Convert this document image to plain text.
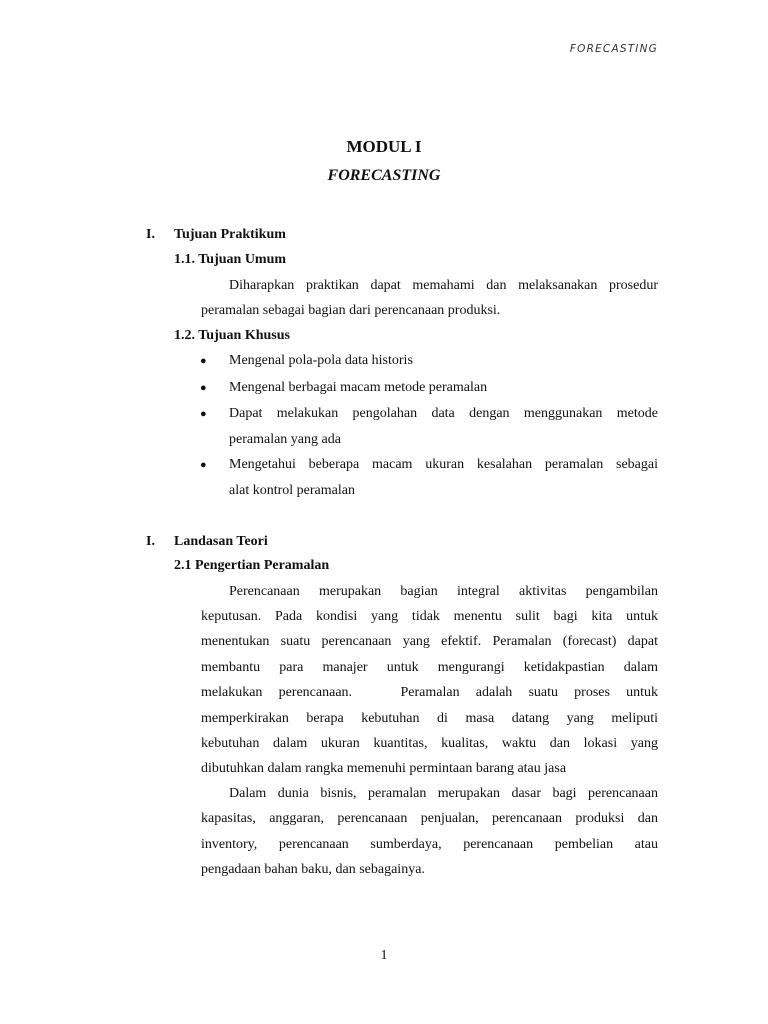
FORECASTING
MODUL I
FORECASTING
I. Tujuan Praktikum
1.1. Tujuan Umum
Diharapkan praktikan dapat memahami dan melaksanakan prosedur
peramalan sebagai bagian dari perencanaan produksi.
1.2. Tujuan Khusus
● Mengenal pola-pola data historis
● Mengenal berbagai macam metode peramalan
● Dapat melakukan pengolahan data dengan menggunakan metode
peramalan yang ada
● Mengetahui beberapa macam ukuran kesalahan peramalan sebagai
alat kontrol peramalan
I. Landasan Teori
2.1 Pengertian Peramalan
Perencanaan merupakan bagian integral aktivitas pengambilan
keputusan. Pada kondisi yang tidak menentu sulit bagi kita untuk
menentukan suatu perencanaan yang efektif. Peramalan (forecast) dapat
membantu para manajer untuk mengurangi ketidakpastian dalam
melakukan perencanaan.   Peramalan adalah suatu proses untuk
memperkirakan berapa kebutuhan di masa datang yang meliputi
kebutuhan dalam ukuran kuantitas, kualitas, waktu dan lokasi yang
dibutuhkan dalam rangka memenuhi permintaan barang atau jasa
Dalam dunia bisnis, peramalan merupakan dasar bagi perencanaan
kapasitas, anggaran, perencanaan penjualan, perencanaan produksi dan
inventory, perencanaan sumberdaya, perencanaan pembelian atau
pengadaan bahan baku, dan sebagainya.
1
